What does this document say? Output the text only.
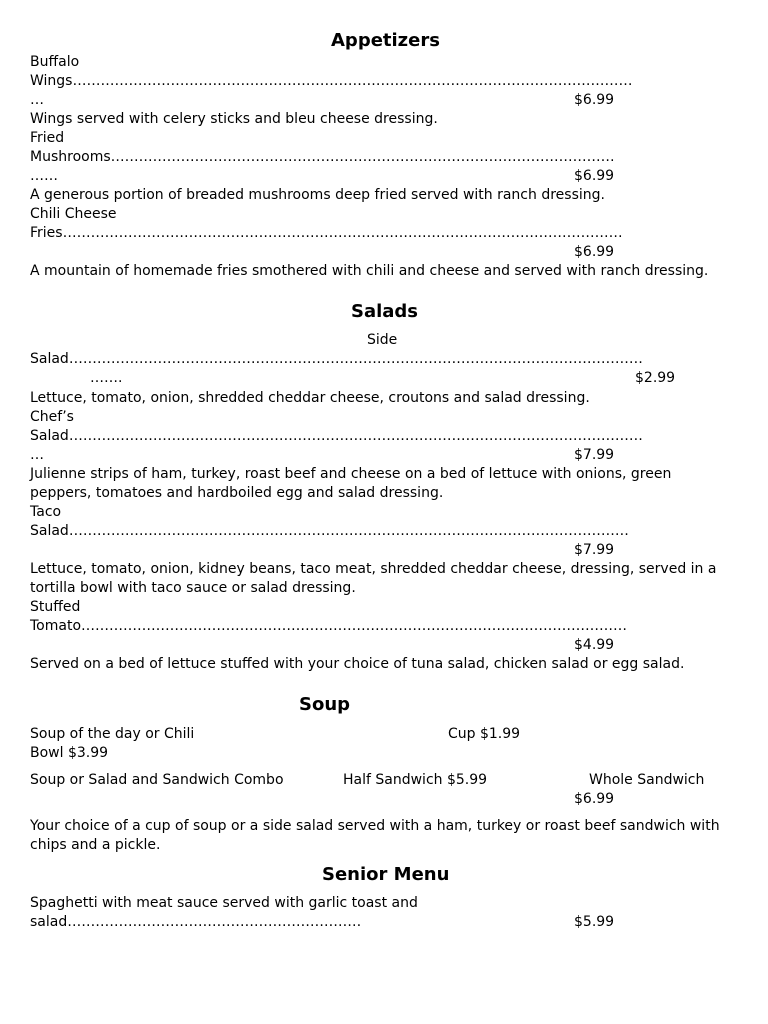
Appetizers
Buffalo
Wings…………………………………………………………………………………………………………
…	$6.99
Wings served with celery sticks and bleu cheese dressing.
Fried
Mushrooms………………………………………………………………………………………………
……	$6.99
A generous portion of breaded mushrooms deep fried served with ranch dressing.
Chili Cheese
Fries…………………………………………………………………………………………………………
$6.99
A mountain of homemade fries smothered with chili and cheese and served with ranch dressing.
Salads
Side
Salad……………………………………………………………………………………………………………
…….	$2.99
Lettuce, tomato, onion, shredded cheddar cheese, croutons and salad dressing.
Chef’s
Salad……………………………………………………………………………………………………………
…	$7.99
Julienne strips of ham, turkey, roast beef and cheese on a bed of lettuce with onions, green peppers, tomatoes and hardboiled egg and salad dressing.
Taco
Salad…………………………………………………………………………………………………………
$7.99
Lettuce, tomato, onion, kidney beans, taco meat, shredded cheddar cheese, dressing, served in a tortilla bowl with taco sauce or salad dressing.
Stuffed
Tomato………………………………………………………………………………………………………
$4.99
Served on a bed of lettuce stuffed with your choice of tuna salad, chicken salad or egg salad.
Soup
Soup of the day or Chili	Cup $1.99
Bowl $3.99
Soup or Salad and Sandwich Combo	Half Sandwich $5.99	Whole Sandwich
$6.99
Your choice of a cup of soup or a side salad served with a ham, turkey or roast beef sandwich with chips and a pickle.
Senior Menu
Spaghetti with meat sauce served with garlic toast and
salad………………………………………………………	$5.99
